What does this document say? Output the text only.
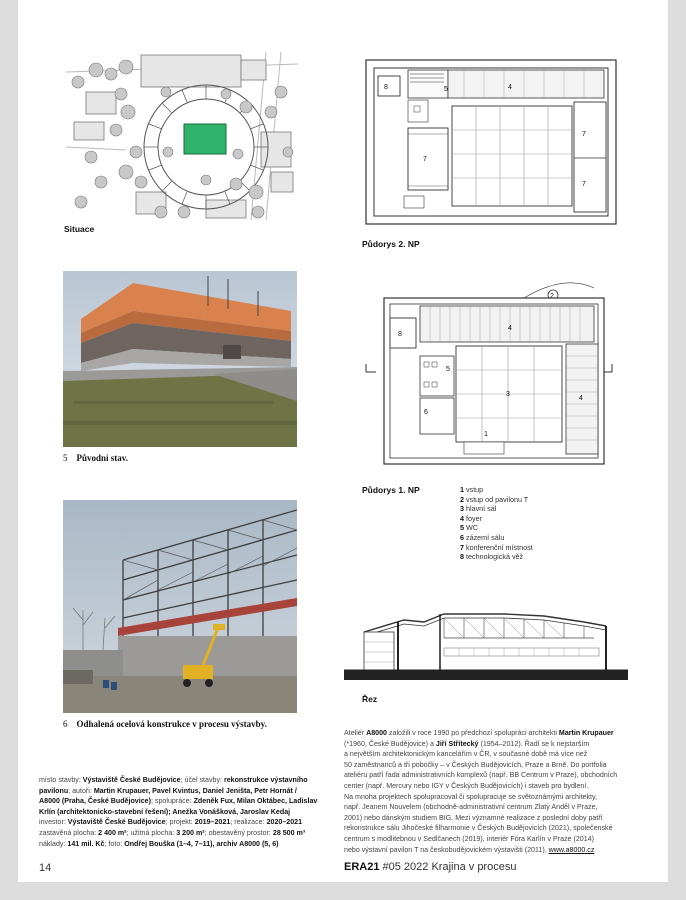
Situace
8	5	4
7
7
7
Půdorys 2. NP
5 Původní stav.
8
4
5
3
4
6
1
2
Půdorys 1. NP	1 vstup
2 vstup od pavilonu T
3 hlavní sál
4 foyer
5 WC
6 zázemí sálu
7 konferenční místnost
8 technologická věž
6 Odhalená ocelová konstrukce v procesu výstavby.
Řez
místo stavby: Výstaviště České Budějovice; účel stavby: rekonstrukce výstavního
pavilonu; autoři: Martin Krupauer, Pavel Kvintus, Daniel Jeništa, Petr Hornát /
A8000 (Praha, České Budějovice); spolupráce: Zdeněk Fux, Milan Oktábec, Ladislav
Krlín (architektonicko-stavební řešení); Anežka Vonášková, Jaroslav Kedaj
investor: Výstaviště České Budějovice; projekt: 2019–2021; realizace: 2020–2021
zastavěná plocha: 2 400 m²; užitná plocha: 3 200 m²; obestavěný prostor: 28 500 m³
náklady: 141 mil. Kč; foto: Ondřej Bouška (1–4, 7–11), archiv A8000 (5, 6)
Ateliér A8000 založili v roce 1990 po předchozí spolupráci architekti Martin Krupauer
(*1960, České Budějovice) a Jiří Střítecký (1954–2012). Řadí se k nejstarším
a největším architektonickým kancelářím v ČR, v současné době má více než
50 zaměstnanců a tři pobočky – v Českých Budějovicích, Praze a Brně. Do portfolia
ateliéru patří řada administrativních komplexů (např. BB Centrum v Praze), obchodních
center (např. Mercury nebo IGY v Českých Budějovicích) i staveb pro bydlení.
Na mnoha projektech spolupracoval či spolupracuje se světoznámými architekty,
např. Jeanem Nouvelem (obchodně-administrativní centrum Zlatý Anděl v Praze,
2001) nebo dánským studiem BIG. Mezi významné realizace z poslední doby patří
rekonstrukce sálu Jihočeské filharmonie v Českých Budějovicích (2021), společenské
centrum s modlitebnou v Sedlčanech (2019), interiér Fóra Karlín v Praze (2014)
nebo výstavní pavilon T na českobudějovickém výstavišti (2011). www.a8000.cz
14	ERA21 #05 2022 Krajina v procesu
